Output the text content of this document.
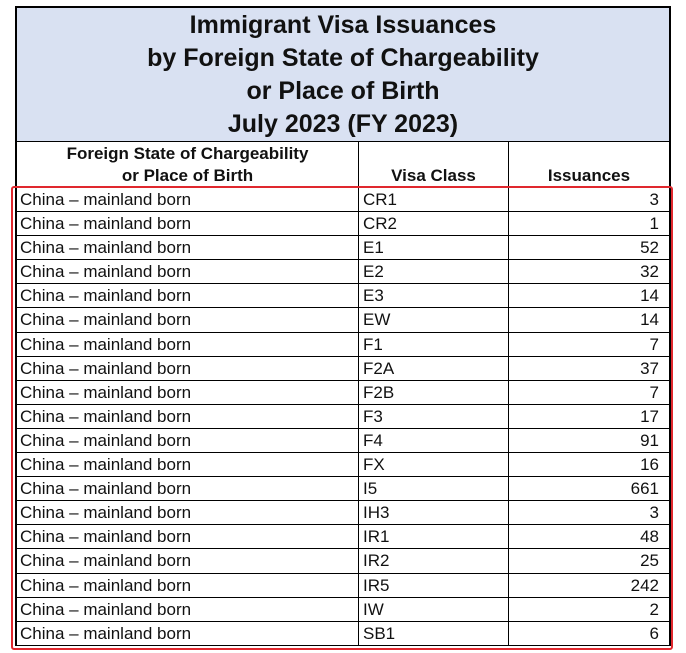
Immigrant Visa Issuances
by Foreign State of Chargeability
or Place of Birth
July 2023 (FY 2023)
Foreign State of Chargeability
or Place of Birth	Visa Class	Issuances
China – mainland born	CR1	3
China – mainland born	CR2	1
China – mainland born	E1	52
China – mainland born	E2	32
China – mainland born	E3	14
China – mainland born	EW	14
China – mainland born	F1	7
China – mainland born	F2A	37
China – mainland born	F2B	7
China – mainland born	F3	17
China – mainland born	F4	91
China – mainland born	FX	16
China – mainland born	I5	661
China – mainland born	IH3	3
China – mainland born	IR1	48
China – mainland born	IR2	25
China – mainland born	IR5	242
China – mainland born	IW	2
China – mainland born	SB1	6
